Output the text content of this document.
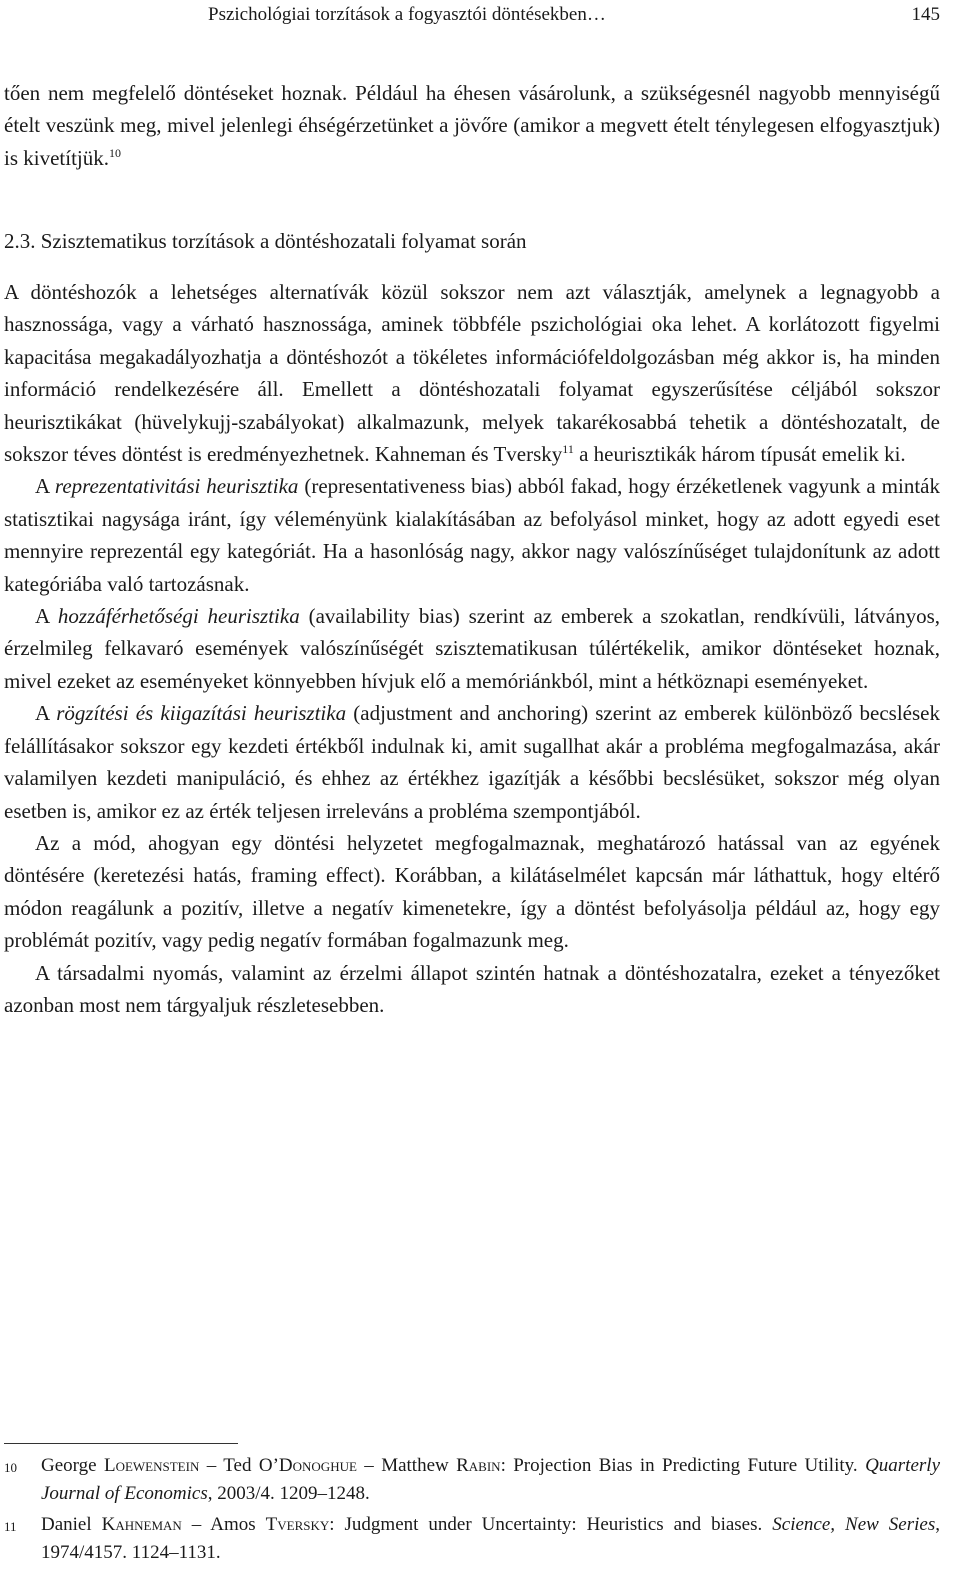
Pszichológiai torzítások a fogyasztói döntésekben…	145

tően nem megfelelő döntéseket hoznak. Például ha éhesen vásárolunk, a szükségesnél nagyobb mennyiségű ételt veszünk meg, mivel jelenlegi éhségérzetünket a jövőre (amikor a megvett ételt ténylegesen elfogyasztjuk) is kivetítjük.$^{10}$

2.3. Szisztematikus torzítások a döntéshozatali folyamat során

A döntéshozók a lehetséges alternatívák közül sokszor nem azt választják, amelynek a legnagyobb a hasznossága, vagy a várható hasznossága, aminek többféle pszichológiai oka lehet. A korlátozott figyelmi kapacitása megakadályozhatja a döntéshozót a tökéletes információfeldolgozásban még akkor is, ha minden információ rendelkezésére áll. Emellett a döntéshozatali folyamat egyszerűsítése céljából sokszor heurisztikákat (hüvelykujj-szabályokat) alkalmazunk, melyek takarékosabbá tehetik a döntéshozatalt, de sokszor téves döntést is eredményezhetnek. Kahneman és Tversky$^{11}$ a heurisztikák három típusát emelik ki.

A reprezentativitási heurisztika (representativeness bias) abból fakad, hogy érzéketlenek vagyunk a minták statisztikai nagysága iránt, így véleményünk kialakításában az befolyásol minket, hogy az adott egyedi eset mennyire reprezentál egy kategóriát. Ha a hasonlóság nagy, akkor nagy valószínűséget tulajdonítunk az adott kategóriába való tartozásnak.

A hozzáférhetőségi heurisztika (availability bias) szerint az emberek a szokatlan, rendkívüli, látványos, érzelmileg felkavaró események valószínűségét szisztematikusan túlértékelik, amikor döntéseket hoznak, mivel ezeket az eseményeket könnyebben hívjuk elő a memóriánkból, mint a hétköznapi eseményeket.

A rögzítési és kiigazítási heurisztika (adjustment and anchoring) szerint az emberek különböző becslések felállításakor sokszor egy kezdeti értékből indulnak ki, amit sugallhat akár a probléma megfogalmazása, akár valamilyen kezdeti manipuláció, és ehhez az értékhez igazítják a későbbi becslésüket, sokszor még olyan esetben is, amikor ez az érték teljesen irreleváns a probléma szempontjából.

Az a mód, ahogyan egy döntési helyzetet megfogalmaznak, meghatározó hatással van az egyének döntésére (keretezési hatás, framing effect). Korábban, a kilátáselmélet kapcsán már láthattuk, hogy eltérő módon reagálunk a pozitív, illetve a negatív kimenetekre, így a döntést befolyásolja például az, hogy egy problémát pozitív, vagy pedig negatív formában fogalmazunk meg.

A társadalmi nyomás, valamint az érzelmi állapot szintén hatnak a döntéshozatalra, ezeket a tényezőket azonban most nem tárgyaljuk részletesebben.

10 George Loewenstein – Ted O’Donoghue – Matthew Rabin: Projection Bias in Predicting Future Utility. Quarterly Journal of Economics, 2003/4. 1209–1248.
11 Daniel Kahneman – Amos Tversky: Judgment under Uncertainty: Heuristics and biases. Science, New Series, 1974/4157. 1124–1131.
